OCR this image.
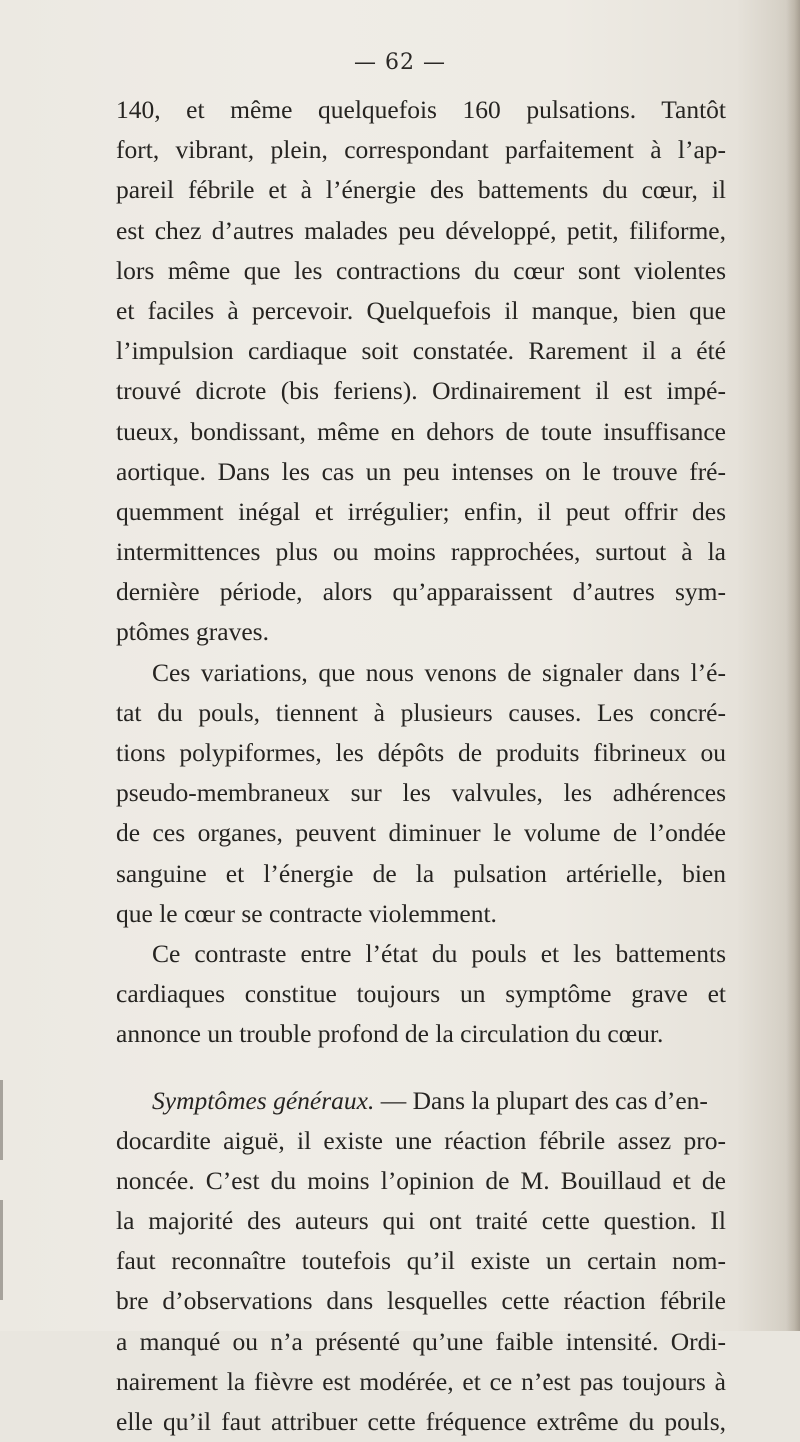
— 62 —
140, et même quelquefois 160 pulsations. Tantôt
fort, vibrant, plein, correspondant parfaitement à l’ap-
pareil fébrile et à l’énergie des battements du cœur, il
est chez d’autres malades peu développé, petit, filiforme,
lors même que les contractions du cœur sont violentes
et faciles à percevoir. Quelquefois il manque, bien que
l’impulsion cardiaque soit constatée. Rarement il a été
trouvé dicrote (bis feriens). Ordinairement il est impé-
tueux, bondissant, même en dehors de toute insuffisance
aortique. Dans les cas un peu intenses on le trouve fré-
quemment inégal et irrégulier; enfin, il peut offrir des
intermittences plus ou moins rapprochées, surtout à la
dernière période, alors qu’apparaissent d’autres sym-
ptômes graves.
Ces variations, que nous venons de signaler dans l’é-
tat du pouls, tiennent à plusieurs causes. Les concré-
tions polypiformes, les dépôts de produits fibrineux ou
pseudo-membraneux sur les valvules, les adhérences
de ces organes, peuvent diminuer le volume de l’ondée
sanguine et l’énergie de la pulsation artérielle, bien
que le cœur se contracte violemment.
Ce contraste entre l’état du pouls et les battements
cardiaques constitue toujours un symptôme grave et
annonce un trouble profond de la circulation du cœur.
Symptômes généraux. — Dans la plupart des cas d’en-
docardite aiguë, il existe une réaction fébrile assez pro-
noncée. C’est du moins l’opinion de M. Bouillaud et de
la majorité des auteurs qui ont traité cette question. Il
faut reconnaître toutefois qu’il existe un certain nom-
bre d’observations dans lesquelles cette réaction fébrile
a manqué ou n’a présenté qu’une faible intensité. Ordi-
nairement la fièvre est modérée, et ce n’est pas toujours à
elle qu’il faut attribuer cette fréquence extrême du pouls,
